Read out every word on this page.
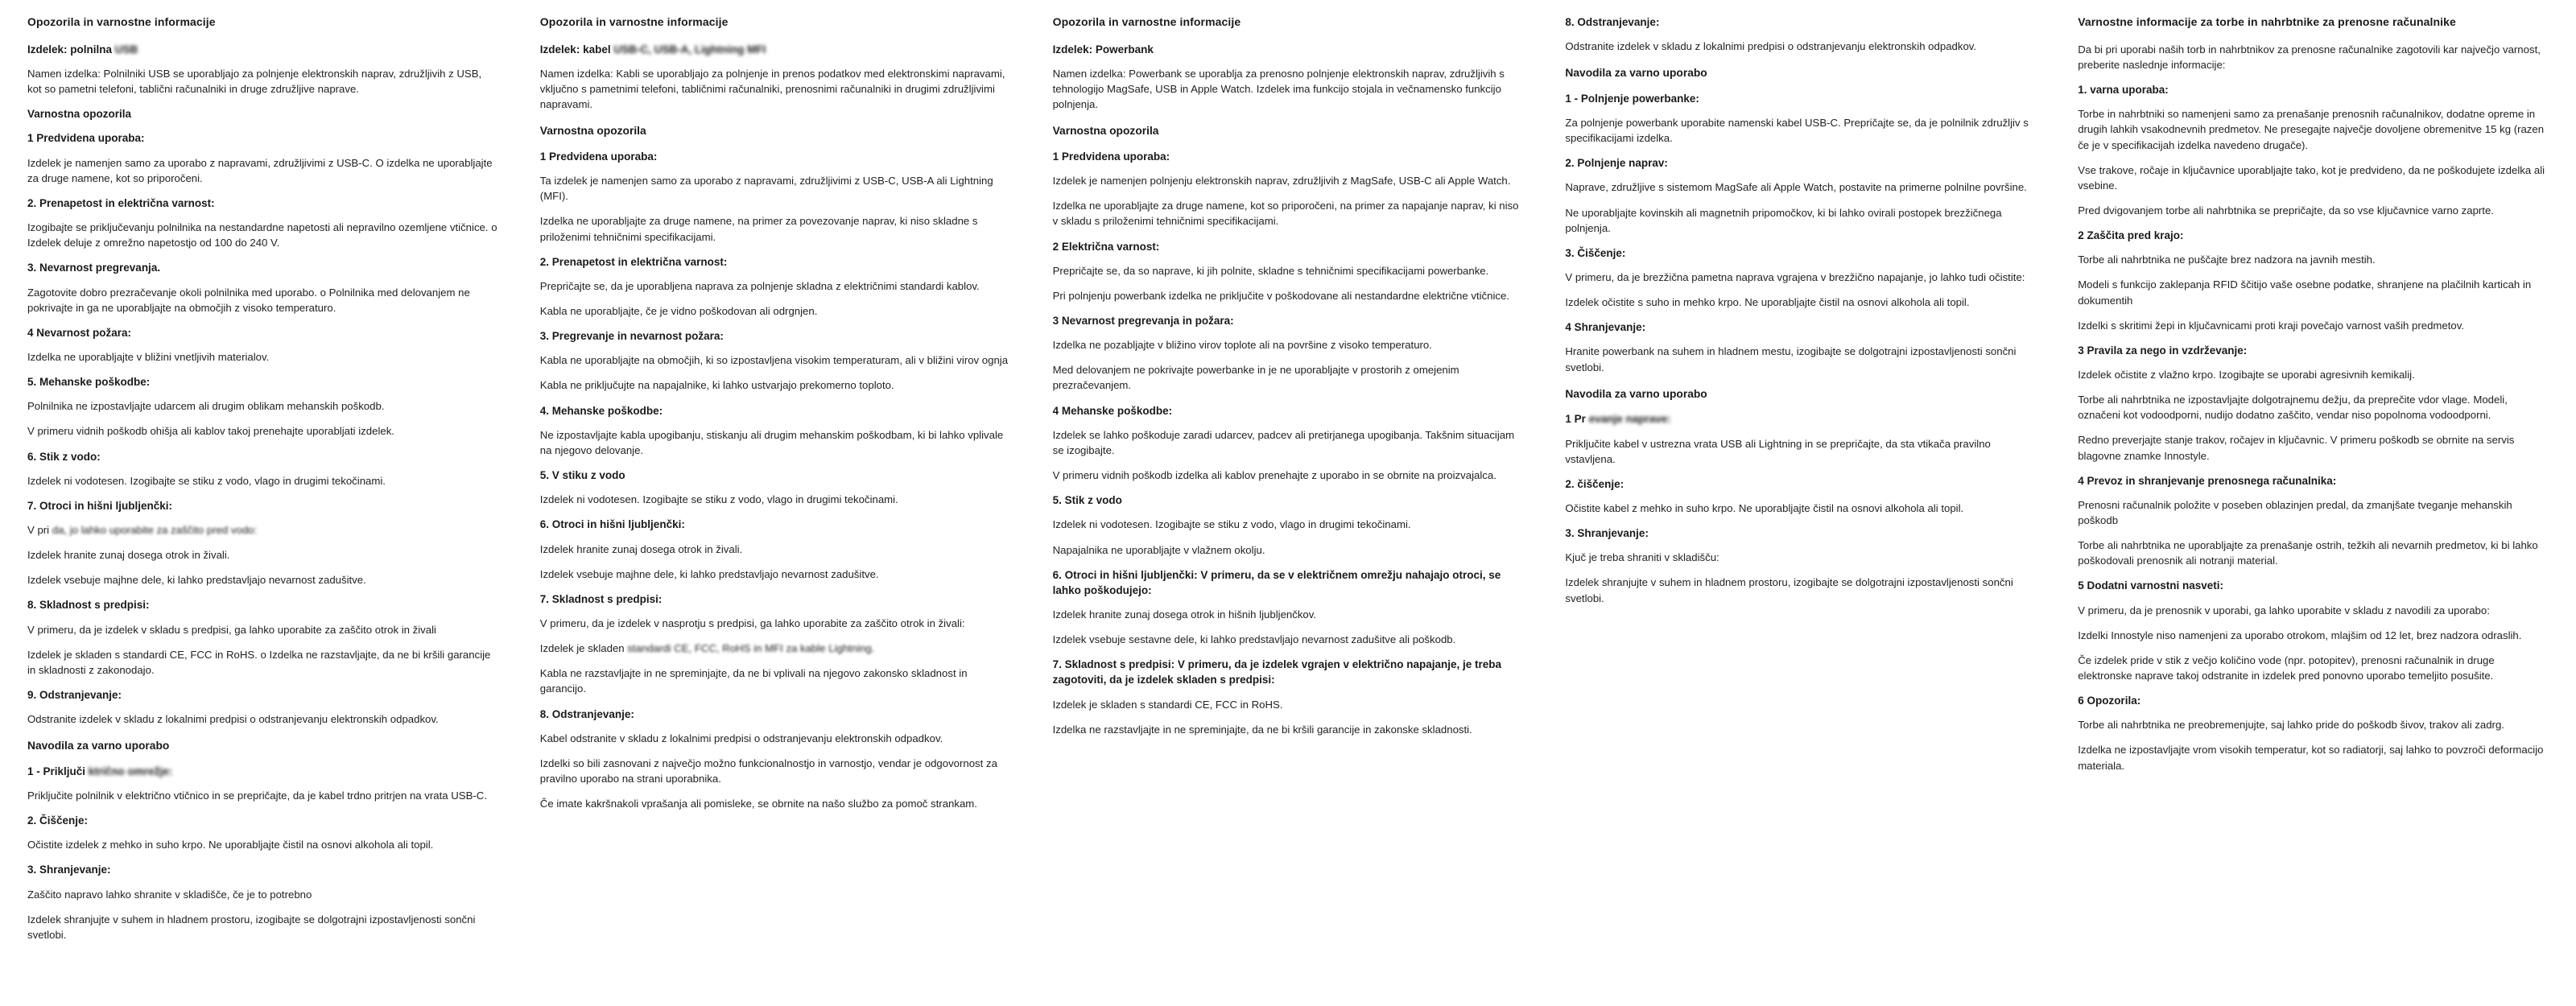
Opozorila in varnostne informacije
Izdelek: polnilna USB
Namen izdelka: Polnilniki USB se uporabljajo za polnjenje elektronskih naprav, združljivih z USB, kot so pametni telefoni, tablični računalniki in druge združljive naprave.
Varnostna opozorila
1 Predvidena uporaba:
Izdelek je namenjen samo za uporabo z napravami, združljivimi z USB-C. O izdelka ne uporabljajte za druge namene, kot so priporočeni.
2. Prenapetost in električna varnost:
Izogibajte se priključevanju polnilnika na nestandardne napetosti ali nepravilno ozemljene vtičnice. o Izdelek deluje z omrežno napetostjo od 100 do 240 V.
3. Nevarnost pregrevanja.
Zagotovite dobro prezračevanje okoli polnilnika med uporabo. o Polnilnika med delovanjem ne pokrivajte in ga ne uporabljajte na območjih z visoko temperaturo.
4 Nevarnost požara:
Izdelka ne uporabljajte v bližini vnetljivih materialov.
5. Mehanske poškodbe:
Polnilnika ne izpostavljajte udarcem ali drugim oblikam mehanskih poškodb.
V primeru vidnih poškodb ohišja ali kablov takoj prenehajte uporabljati izdelek.
6. Stik z vodo:
Izdelek ni vodotesen. Izogibajte se stiku z vodo, vlago in drugimi tekočinami.
7. Otroci in hišni ljubljenčki:
V pri da, jo lahko uporabite za zaščito pred vodo:
Izdelek hranite zunaj dosega otrok in živali.
Izdelek vsebuje majhne dele, ki lahko predstavljajo nevarnost zadušitve.
8. Skladnost s predpisi:
V primeru, da je izdelek v skladu s predpisi, ga lahko uporabite za zaščito otrok in živali
Izdelek je skladen s standardi CE, FCC in RoHS. o Izdelka ne razstavljajte, da ne bi kršili garancije in skladnosti z zakonodajo.
9. Odstranjevanje:
Odstranite izdelek v skladu z lokalnimi predpisi o odstranjevanju elektronskih odpadkov.
Navodila za varno uporabo
1 - Priključi ktrično omrežje:
Priključite polnilnik v električno vtičnico in se prepričajte, da je kabel trdno pritrjen na vrata USB-C.
2. Čiščenje:
Očistite izdelek z mehko in suho krpo. Ne uporabljajte čistil na osnovi alkohola ali topil.
3. Shranjevanje:
Zaščito napravo lahko shranite v skladišče, če je to potrebno
Izdelek shranjujte v suhem in hladnem prostoru, izogibajte se dolgotrajni izpostavljenosti sončni svetlobi.
Opozorila in varnostne informacije
Izdelek: kabel USB-C, USB-A, Lightning MFI
Namen izdelka: Kabli se uporabljajo za polnjenje in prenos podatkov med elektronskimi napravami, vključno s pametnimi telefoni, tabličnimi računalniki, prenosnimi računalniki in drugimi združljivimi napravami.
Varnostna opozorila
1 Predvidena uporaba:
Ta izdelek je namenjen samo za uporabo z napravami, združljivimi z USB-C, USB-A ali Lightning (MFI).
Izdelka ne uporabljajte za druge namene, na primer za povezovanje naprav, ki niso skladne s priloženimi tehničnimi specifikacijami.
2. Prenapetost in električna varnost:
Prepričajte se, da je uporabljena naprava za polnjenje skladna z električnimi standardi kablov.
Kabla ne uporabljajte, če je vidno poškodovan ali odrgnjen.
3. Pregrevanje in nevarnost požara:
Kabla ne uporabljajte na območjih, ki so izpostavljena visokim temperaturam, ali v bližini virov ognja
Kabla ne priključujte na napajalnike, ki lahko ustvarjajo prekomerno toploto.
4. Mehanske poškodbe:
Ne izpostavljajte kabla upogibanju, stiskanju ali drugim mehanskim poškodbam, ki bi lahko vplivale na njegovo delovanje.
5. V stiku z vodo
Izdelek ni vodotesen. Izogibajte se stiku z vodo, vlago in drugimi tekočinami.
6. Otroci in hišni ljubljenčki:
Izdelek hranite zunaj dosega otrok in živali.
Izdelek vsebuje majhne dele, ki lahko predstavljajo nevarnost zadušitve.
7. Skladnost s predpisi:
V primeru, da je izdelek v nasprotju s predpisi, ga lahko uporabite za zaščito otrok in živali:
Izdelek je skladen standardi CE, FCC, RoHS in MFI za kable Lightning.
Kabla ne razstavljajte in ne spreminjajte, da ne bi vplivali na njegovo zakonsko skladnost in garancijo.
8. Odstranjevanje:
Kabel odstranite v skladu z lokalnimi predpisi o odstranjevanju elektronskih odpadkov.
Izdelki so bili zasnovani z največjo možno funkcionalnostjo in varnostjo, vendar je odgovornost za pravilno uporabo na strani uporabnika.
Če imate kakršnakoli vprašanja ali pomisleke, se obrnite na našo službo za pomoč strankam.
Opozorila in varnostne informacije
Izdelek: Powerbank
Namen izdelka: Powerbank se uporablja za prenosno polnjenje elektronskih naprav, združljivih s tehnologijo MagSafe, USB in Apple Watch. Izdelek ima funkcijo stojala in večnamensko funkcijo polnjenja.
Varnostna opozorila
1 Predvidena uporaba:
Izdelek je namenjen polnjenju elektronskih naprav, združljivih z MagSafe, USB-C ali Apple Watch.
Izdelka ne uporabljajte za druge namene, kot so priporočeni, na primer za napajanje naprav, ki niso v skladu s priloženimi tehničnimi specifikacijami.
2 Električna varnost:
Prepričajte se, da so naprave, ki jih polnite, skladne s tehničnimi specifikacijami powerbanke.
Pri polnjenju powerbank izdelka ne priključite v poškodovane ali nestandardne električne vtičnice.
3 Nevarnost pregrevanja in požara:
Izdelka ne pozabljajte v bližino virov toplote ali na površine z visoko temperaturo.
Med delovanjem ne pokrivajte powerbanke in je ne uporabljajte v prostorih z omejenim prezračevanjem.
4 Mehanske poškodbe:
Izdelek se lahko poškoduje zaradi udarcev, padcev ali pretirjanega upogibanja. Takšnim situacijam se izogibajte.
V primeru vidnih poškodb izdelka ali kablov prenehajte z uporabo in se obrnite na proizvajalca.
5. Stik z vodo
Izdelek ni vodotesen. Izogibajte se stiku z vodo, vlago in drugimi tekočinami.
Napajalnika ne uporabljajte v vlažnem okolju.
6. Otroci in hišni ljubljenčki: V primeru, da se v električnem omrežju nahajajo otroci, se lahko poškodujejo:
Izdelek hranite zunaj dosega otrok in hišnih ljubljenčkov.
Izdelek vsebuje sestavne dele, ki lahko predstavljajo nevarnost zadušitve ali poškodb.
7. Skladnost s predpisi: V primeru, da je izdelek vgrajen v električno napajanje, je treba zagotoviti, da je izdelek skladen s predpisi:
Izdelek je skladen s standardi CE, FCC in RoHS.
Izdelka ne razstavljajte in ne spreminjajte, da ne bi kršili garancije in zakonske skladnosti.
8. Odstranjevanje:
Odstranite izdelek v skladu z lokalnimi predpisi o odstranjevanju elektronskih odpadkov.
Navodila za varno uporabo
1 - Polnjenje powerbanke:
Za polnjenje powerbank uporabite namenski kabel USB-C. Prepričajte se, da je polnilnik združljiv s specifikacijami izdelka.
2. Polnjenje naprav:
Naprave, združljive s sistemom MagSafe ali Apple Watch, postavite na primerne polnilne površine.
Ne uporabljajte kovinskih ali magnetnih pripomočkov, ki bi lahko ovirali postopek brezžičnega polnjenja.
3. Čiščenje:
V primeru, da je brezžična pametna naprava vgrajena v brezžično napajanje, jo lahko tudi očistite:
Izdelek očistite s suho in mehko krpo. Ne uporabljajte čistil na osnovi alkohola ali topil.
4 Shranjevanje:
Hranite powerbank na suhem in hladnem mestu, izogibajte se dolgotrajni izpostavljenosti sončni svetlobi.
Navodila za varno uporabo
1 Pr evanje naprave:
Priključite kabel v ustrezna vrata USB ali Lightning in se prepričajte, da sta vtikača pravilno vstavljena.
2. čiščenje:
Očistite kabel z mehko in suho krpo. Ne uporabljajte čistil na osnovi alkohola ali topil.
3. Shranjevanje:
Kjuč je treba shraniti v skladišču:
Izdelek shranjujte v suhem in hladnem prostoru, izogibajte se dolgotrajni izpostavljenosti sončni svetlobi.
Varnostne informacije za torbe in nahrbtnike za prenosne računalnike
Da bi pri uporabi naših torb in nahrbtnikov za prenosne računalnike zagotovili kar največjo varnost, preberite naslednje informacije:
1. varna uporaba:
Torbe in nahrbtniki so namenjeni samo za prenašanje prenosnih računalnikov, dodatne opreme in drugih lahkih vsakodnevnih predmetov. Ne presegajte največje dovoljene obremenitve 15 kg (razen če je v specifikacijah izdelka navedeno drugače).
Vse trakove, ročaje in ključavnice uporabljajte tako, kot je predvideno, da ne poškodujete izdelka ali vsebine.
Pred dvigovanjem torbe ali nahrbtnika se prepričajte, da so vse ključavnice varno zaprte.
2 Zaščita pred krajo:
Torbe ali nahrbtnika ne puščajte brez nadzora na javnih mestih.
Modeli s funkcijo zaklepanja RFID ščitijo vaše osebne podatke, shranjene na plačilnih karticah in dokumentih
Izdelki s skritimi žepi in ključavnicami proti kraji povečajo varnost vaših predmetov.
3 Pravila za nego in vzdrževanje:
Izdelek očistite z vlažno krpo. Izogibajte se uporabi agresivnih kemikalij.
Torbe ali nahrbtnika ne izpostavljajte dolgotrajnemu dežju, da preprečite vdor vlage. Modeli, označeni kot vodoodporni, nudijo dodatno zaščito, vendar niso popolnoma vodoodporni.
Redno preverjajte stanje trakov, ročajev in ključavnic. V primeru poškodb se obrnite na servis blagovne znamke Innostyle.
4 Prevoz in shranjevanje prenosnega računalnika:
Prenosni računalnik položite v poseben oblazinjen predal, da zmanjšate tveganje mehanskih poškodb
Torbe ali nahrbtnika ne uporabljajte za prenašanje ostrih, težkih ali nevarnih predmetov, ki bi lahko poškodovali prenosnik ali notranji material.
5 Dodatni varnostni nasveti:
V primeru, da je prenosnik v uporabi, ga lahko uporabite v skladu z navodili za uporabo:
Izdelki Innostyle niso namenjeni za uporabo otrokom, mlajšim od 12 let, brez nadzora odraslih.
Če izdelek pride v stik z večjo količino vode (npr. potopitev), prenosni računalnik in druge elektronske naprave takoj odstranite in izdelek pred ponovno uporabo temeljito posušite.
6 Opozorila:
Torbe ali nahrbtnika ne preobremenjujte, saj lahko pride do poškodb šivov, trakov ali zadrg.
Izdelka ne izpostavljajte vrom visokih temperatur, kot so radiatorji, saj lahko to povzroči deformacijo materiala.
